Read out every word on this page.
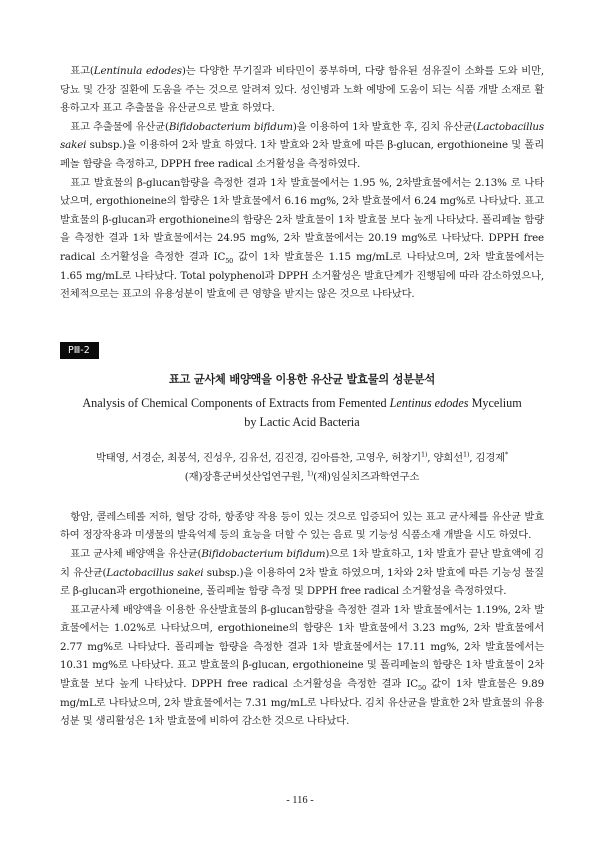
표고(Lentinula edodes)는 다양한 무기질과 비타민이 풍부하며, 다량 함유된 섬유질이 소화를 도와 비만, 당뇨 및 간장 질환에 도움을 주는 것으로 알려져 있다. 성인병과 노화 예방에 도움이 되는 식품 개발 소재로 활용하고자 표고 추출물을 유산균으로 발효 하였다.

표고 추출물에 유산균(Bifidobacterium bifidum)을 이용하여 1차 발효한 후, 김치 유산균(Lactobacillus sakei subsp.)을 이용하여 2차 발효 하였다. 1차 발효와 2차 발효에 따른 β-glucan, ergothioneine 및 폴리페놀 함량을 측정하고, DPPH free radical 소거활성을 측정하였다.

표고 발효물의 β-glucan함량을 측정한 결과 1차 발효물에서는 1.95 %, 2차발효물에서는 2.13% 로 나타났으며, ergothioneine의 함량은 1차 발효물에서 6.16 mg%, 2차 발효물에서 6.24 mg%로 나타났다. 표고 발효물의 β-glucan과 ergothioneine의 함량은 2차 발효물이 1차 발효물 보다 높게 나타났다. 폴리페놀 함량을 측정한 결과 1차 발효물에서는 24.95 mg%, 2차 발효물에서는 20.19 mg%로 나타났다. DPPH free radical 소거활성을 측정한 결과 $IC_{50}$ 값이 1차 발효물은 1.15 mg/mL로 나타났으며, 2차 발효물에서는 1.65 mg/mL로 나타났다. Total polyphenol과 DPPH 소거활성은 발효단계가 진행됨에 따라 감소하였으나, 전체적으로는 표고의 유용성분이 발효에 큰 영향을 받지는 않은 것으로 나타났다.

PⅢ-2
표고 균사체 배양액을 이용한 유산균 발효물의 성분분석
Analysis of Chemical Components of Extracts from Femented Lentinus edodes Mycelium
by Lactic Acid Bacteria
박태영, 서경순, 최봉석, 진성우, 김유선, 김진경, 김아름찬, 고영우, 허창기$^{1)}$, 양희선$^{1)}$, 김경제*
(재)장흥군버섯산업연구원, $^{1)}$(재)임실치즈과학연구소

항암, 콜레스테롤 저하, 혈당 강하, 항종양 작용 등이 있는 것으로 입증되어 있는 표고 균사체를 유산균 발효하여 정장작용과 미생물의 발육억제 등의 효능을 더할 수 있는 음료 및 기능성 식품소재 개발을 시도 하였다.

표고 균사체 배양액을 유산균(Bifidobacterium bifidum)으로 1차 발효하고, 1차 발효가 끝난 발효액에 김치 유산균(Lactobacillus sakei subsp.)을 이용하여 2차 발효 하였으며, 1차와 2차 발효에 따른 기능성 물질로 β-glucan과 ergothioneine, 폴리페놀 함량 측정 및 DPPH free radical 소거활성을 측정하였다.

표고균사체 배양액을 이용한 유산발효물의 β-glucan함량을 측정한 결과 1차 발효물에서는 1.19%, 2차 발효물에서는 1.02%로 나타났으며, ergothioneine의 함량은 1차 발효물에서 3.23 mg%, 2차 발효물에서 2.77 mg%로 나타났다. 폴리페놀 함량을 측정한 결과 1차 발효물에서는 17.11 mg%, 2차 발효물에서는 10.31 mg%로 나타났다. 표고 발효물의 β-glucan, ergothioneine 및 폴리페놀의 함량은 1차 발효물이 2차 발효물 보다 높게 나타났다. DPPH free radical 소거활성을 측정한 결과 $IC_{50}$ 값이 1차 발효물은 9.89 mg/mL로 나타났으며, 2차 발효물에서는 7.31 mg/mL로 나타났다. 김치 유산균을 발효한 2차 발효물의 유용성분 및 생리활성은 1차 발효물에 비하여 감소한 것으로 나타났다.

- 116 -
